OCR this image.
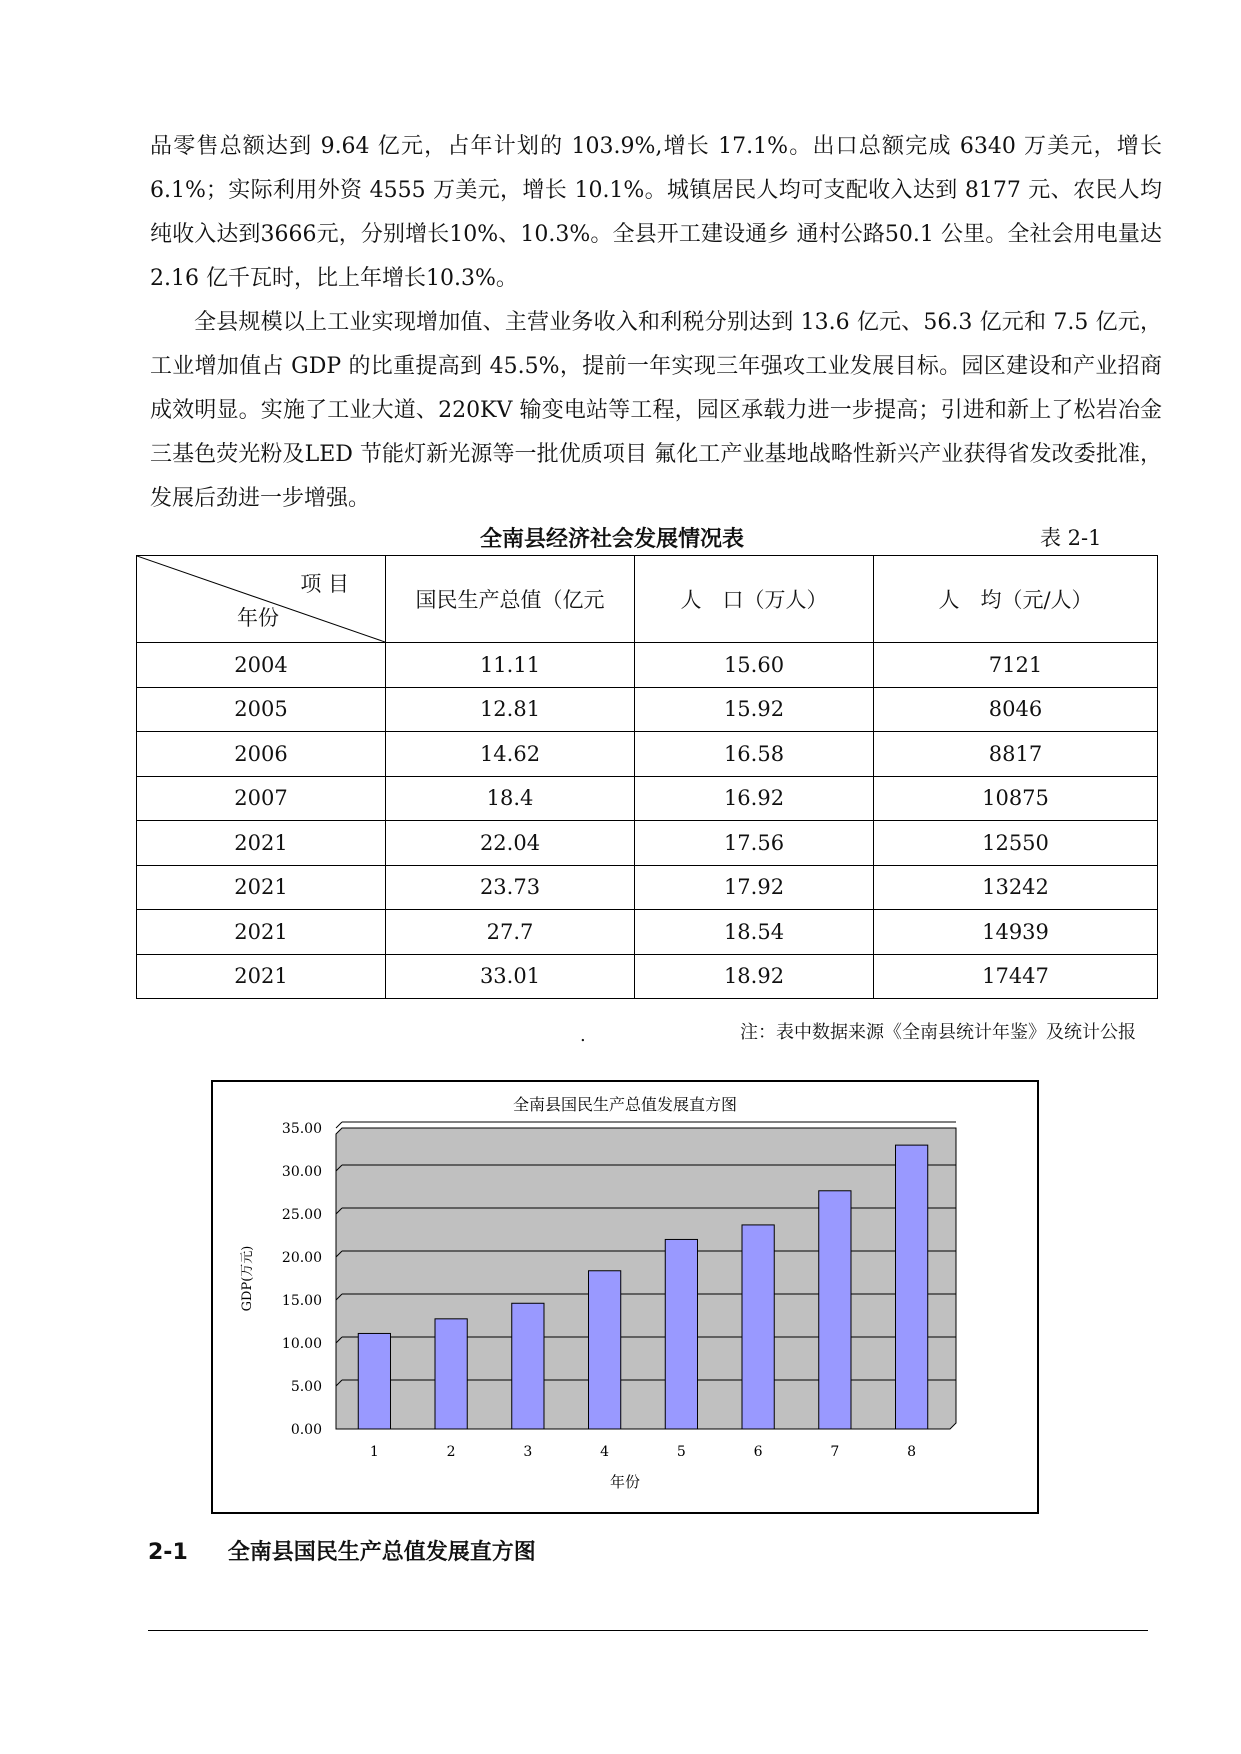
品零售总额达到 9.64 亿元，占年计划的 103.9%,增长 17.1%。出口总额完成 6340 万美元，增长 6.1%；实际利用外资 4555 万美元，增长 10.1%。城镇居民人均可支配收入达到 8177 元、农民人均纯收入达到3666元，分别增长10%、10.3%。全县开工建设通乡 通村公路50.1 公里。全社会用电量达2.16 亿千瓦时，比上年增长10.3%。

全县规模以上工业实现增加值、主营业务收入和利税分别达到 13.6 亿元、56.3 亿元和 7.5 亿元，工业增加值占 GDP 的比重提高到 45.5%，提前一年实现三年强攻工业发展目标。园区建设和产业招商成效明显。实施了工业大道、220KV 输变电站等工程，园区承载力进一步提高；引进和新上了松岩冶金 三基色荧光粉及LED 节能灯新光源等一批优质项目 氟化工产业基地战略性新兴产业获得省发改委批准，发展后劲进一步增强。

全南县经济社会发展情况表	表 2-1
项 目
年份	国民生产总值（亿元	人　口（万人）	人　均（元/人）
2004	11.11	15.60	7121
2005	12.81	15.92	8046
2006	14.62	16.58	8817
2007	18.4	16.92	10875
2021	22.04	17.56	12550
2021	23.73	17.92	13242
2021	27.7	18.54	14939
2021	33.01	18.92	17447
.	注：表中数据来源《全南县统计年鉴》及统计公报
全南县国民生产总值发展直方图
0.00
5.00
10.00
15.00
20.00
25.00
30.00
35.00
1	2	3	4	5	6	7	8
年份
GDP(万元)
2-1 全南县国民生产总值发展直方图
